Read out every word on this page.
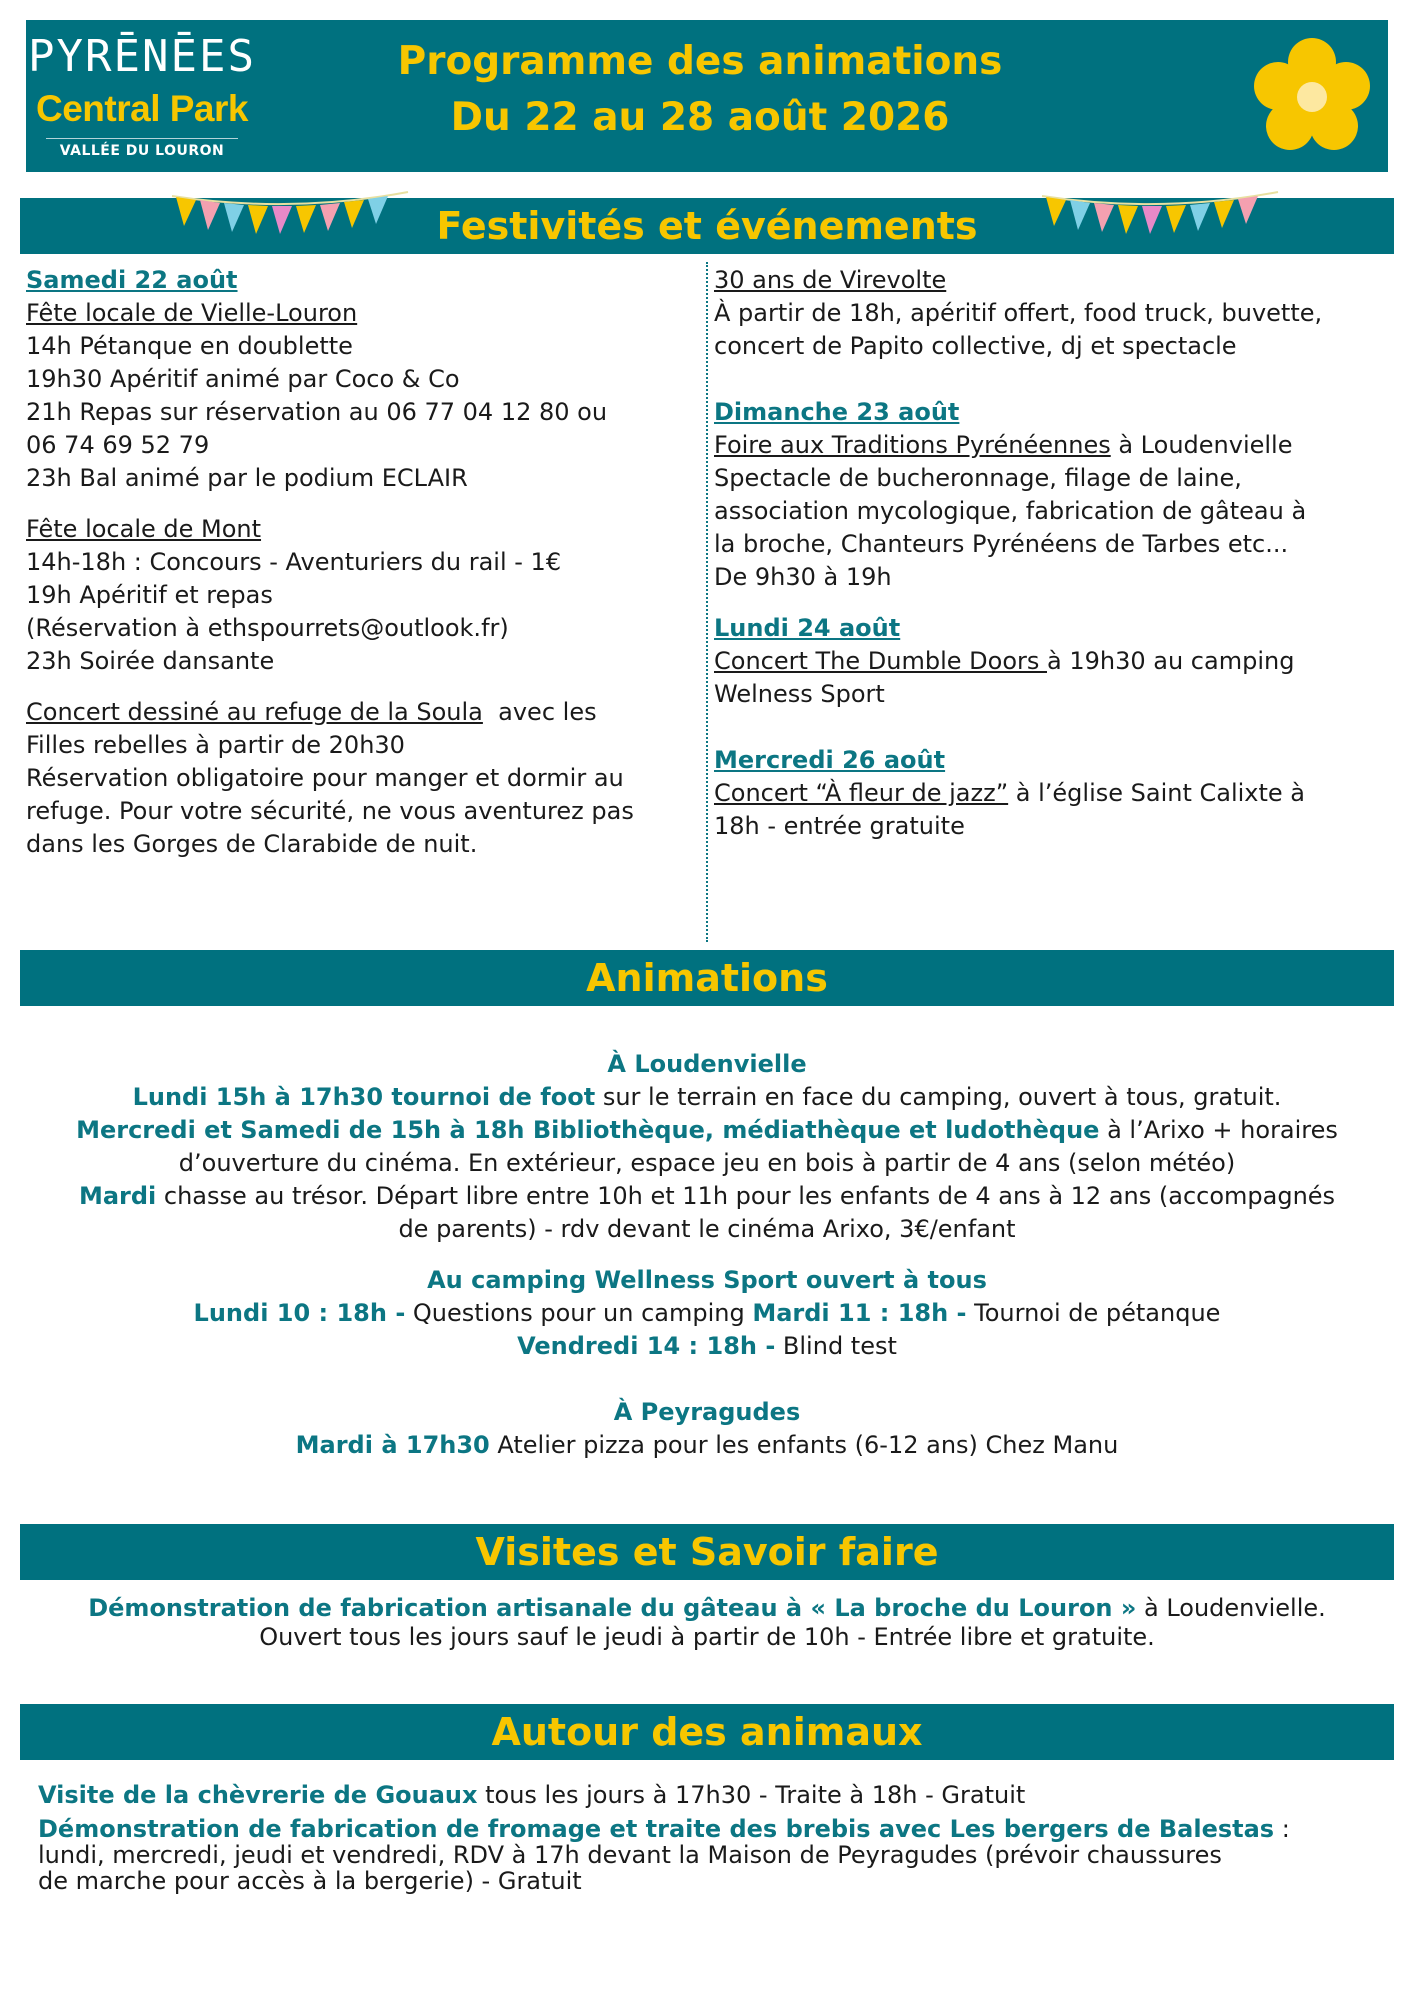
PYRĒNĒES
Central Park
VALLÉE DU LOURON
Programme des animations
Du 22 au 28 août 2026
Festivités et événements

Samedi 22 août

Fête locale de Vielle-Louron

14h Pétanque en doublette

19h30 Apéritif animé par Coco & Co

21h Repas sur réservation au 06 77 04 12 80 ou

06 74 69 52 79

23h Bal animé par le podium ECLAIR

Fête locale de Mont

14h-18h : Concours - Aventuriers du rail - 1€

19h Apéritif et repas

(Réservation à ethspourrets@outlook.fr)

23h Soirée dansante

Concert dessiné au refuge de la Soula  avec les

Filles rebelles à partir de 20h30

Réservation obligatoire pour manger et dormir au

refuge. Pour votre sécurité, ne vous aventurez pas

dans les Gorges de Clarabide de nuit.

30 ans de Virevolte

À partir de 18h, apéritif offert, food truck, buvette,

concert de Papito collective, dj et spectacle

Dimanche 23 août

Foire aux Traditions Pyrénéennes à Loudenvielle

Spectacle de bucheronnage, filage de laine,

association mycologique, fabrication de gâteau à

la broche, Chanteurs Pyrénéens de Tarbes etc...

De 9h30 à 19h

Lundi 24 août

Concert The Dumble Doors à 19h30 au camping

Welness Sport

Mercredi 26 août

Concert “À fleur de jazz” à l’église Saint Calixte à

18h - entrée gratuite

Animations

À Loudenvielle

Lundi 15h à 17h30 tournoi de foot sur le terrain en face du camping, ouvert à tous, gratuit.

Mercredi et Samedi de 15h à 18h Bibliothèque, médiathèque et ludothèque à l’Arixo + horaires

d’ouverture du cinéma. En extérieur, espace jeu en bois à partir de 4 ans (selon météo)

Mardi chasse au trésor. Départ libre entre 10h et 11h pour les enfants de 4 ans à 12 ans (accompagnés

de parents) - rdv devant le cinéma Arixo, 3€/enfant

Au camping Wellness Sport ouvert à tous

Lundi 10 : 18h - Questions pour un camping Mardi 11 : 18h - Tournoi de pétanque

Vendredi 14 : 18h - Blind test

À Peyragudes

Mardi à 17h30 Atelier pizza pour les enfants (6-12 ans) Chez Manu

Visites et Savoir faire

Démonstration de fabrication artisanale du gâteau à « La broche du Louron » à Loudenvielle.

Ouvert tous les jours sauf le jeudi à partir de 10h - Entrée libre et gratuite.

Autour des animaux

Visite de la chèvrerie de Gouaux tous les jours à 17h30 - Traite à 18h - Gratuit

Démonstration de fabrication de fromage et traite des brebis avec Les bergers de Balestas :

lundi, mercredi, jeudi et vendredi, RDV à 17h devant la Maison de Peyragudes (prévoir chaussures

de marche pour accès à la bergerie) - Gratuit
